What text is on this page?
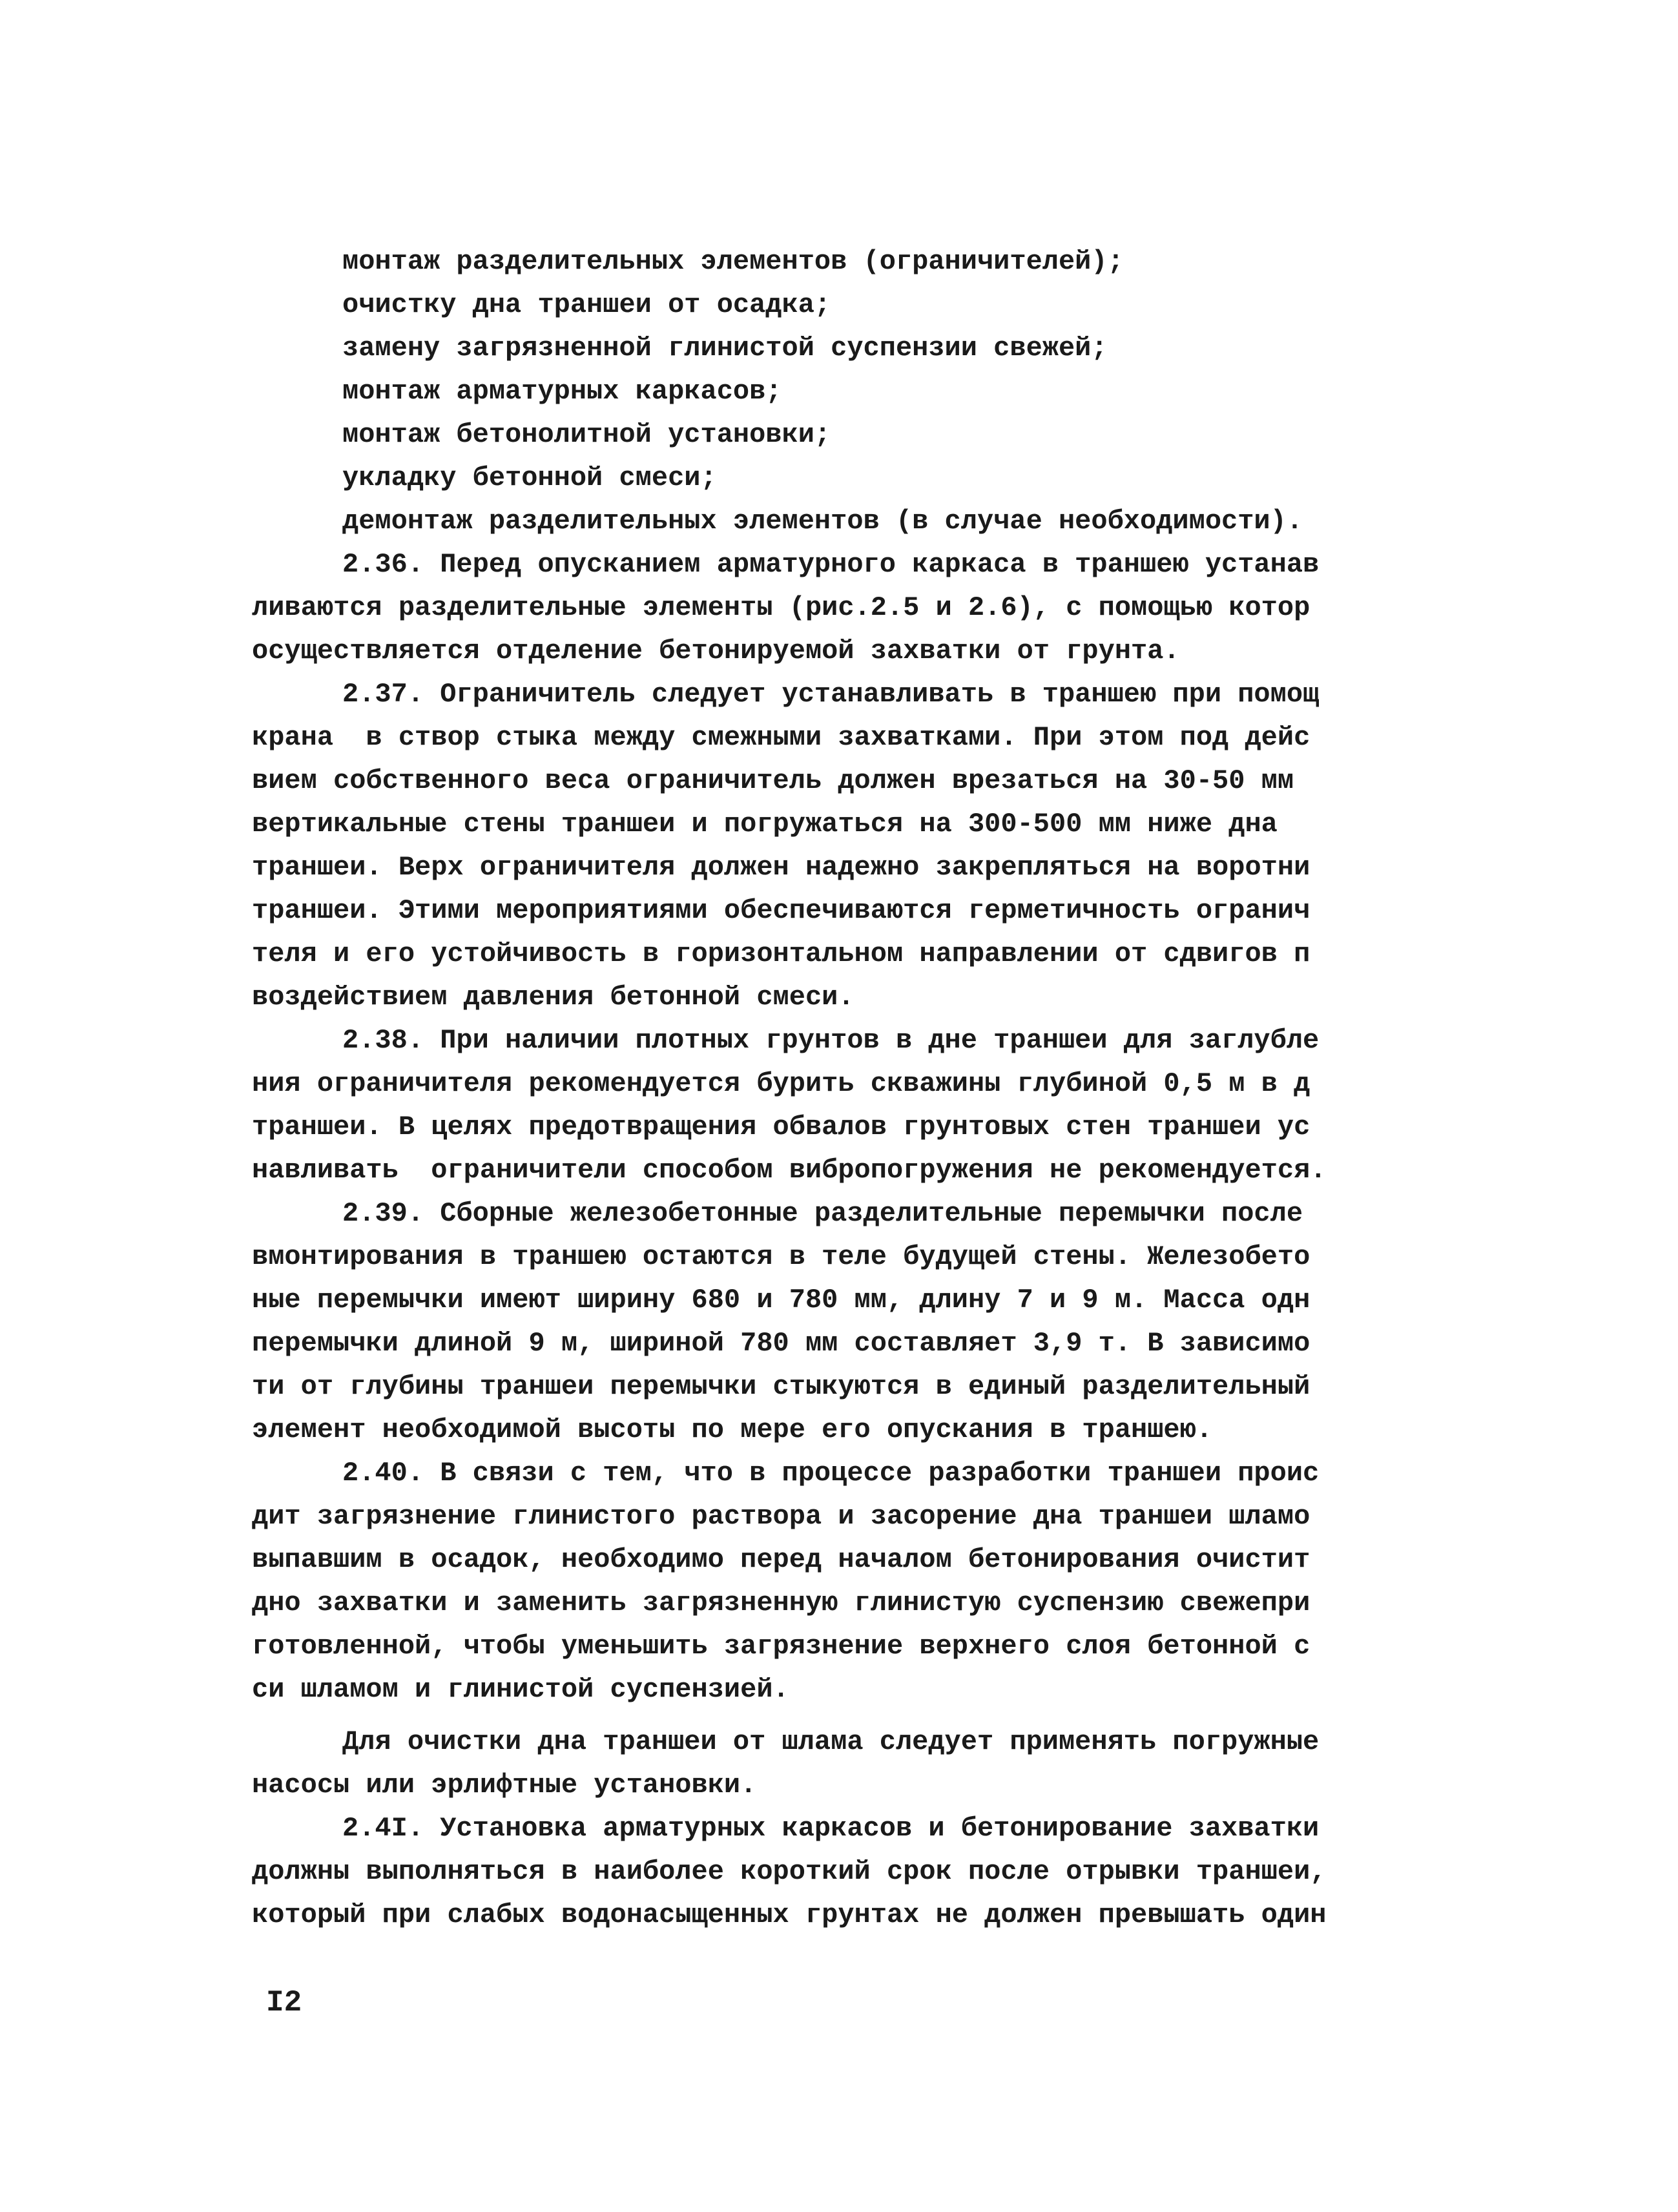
монтаж разделительных элементов (ограничителей);
очистку дна траншеи от осадка;
замену загрязненной глинистой суспензии свежей;
монтаж арматурных каркасов;
монтаж бетонолитной установки;
укладку бетонной смеси;
демонтаж разделительных элементов (в случае необходимости).
2.36. Перед опусканием арматурного каркаса в траншею устанав
ливаются разделительные элементы (рис.2.5 и 2.6), с помощью котор
осуществляется отделение бетонируемой захватки от грунта.
2.37. Ограничитель следует устанавливать в траншею при помощ
крана  в створ стыка между смежными захватками. При этом под дейс
вием собственного веса ограничитель должен врезаться на 30-50 мм
вертикальные стены траншеи и погружаться на 300-500 мм ниже дна
траншеи. Верх ограничителя должен надежно закрепляться на воротни
траншеи. Этими мероприятиями обеспечиваются герметичность огранич
теля и его устойчивость в горизонтальном направлении от сдвигов п
воздействием давления бетонной смеси.
2.38. При наличии плотных грунтов в дне траншеи для заглубле
ния ограничителя рекомендуется бурить скважины глубиной 0,5 м в д
траншеи. В целях предотвращения обвалов грунтовых стен траншеи ус
навливать  ограничители способом вибропогружения не рекомендуется.
2.39. Сборные железобетонные разделительные перемычки после
вмонтирования в траншею остаются в теле будущей стены. Железобето
ные перемычки имеют ширину 680 и 780 мм, длину 7 и 9 м. Масса одн
перемычки длиной 9 м, шириной 780 мм составляет 3,9 т. В зависимо
ти от глубины траншеи перемычки стыкуются в единый разделительный
элемент необходимой высоты по мере его опускания в траншею.
2.40. В связи с тем, что в процессе разработки траншеи проис
дит загрязнение глинистого раствора и засорение дна траншеи шламо
выпавшим в осадок, необходимо перед началом бетонирования очистит
дно захватки и заменить загрязненную глинистую суспензию свежепри
готовленной, чтобы уменьшить загрязнение верхнего слоя бетонной с
си шламом и глинистой суспензией.
Для очистки дна траншеи от шлама следует применять погружные
насосы или эрлифтные установки.
2.4I. Установка арматурных каркасов и бетонирование захватки
должны выполняться в наиболее короткий срок после отрывки траншеи,
который при слабых водонасыщенных грунтах не должен превышать один
I2
